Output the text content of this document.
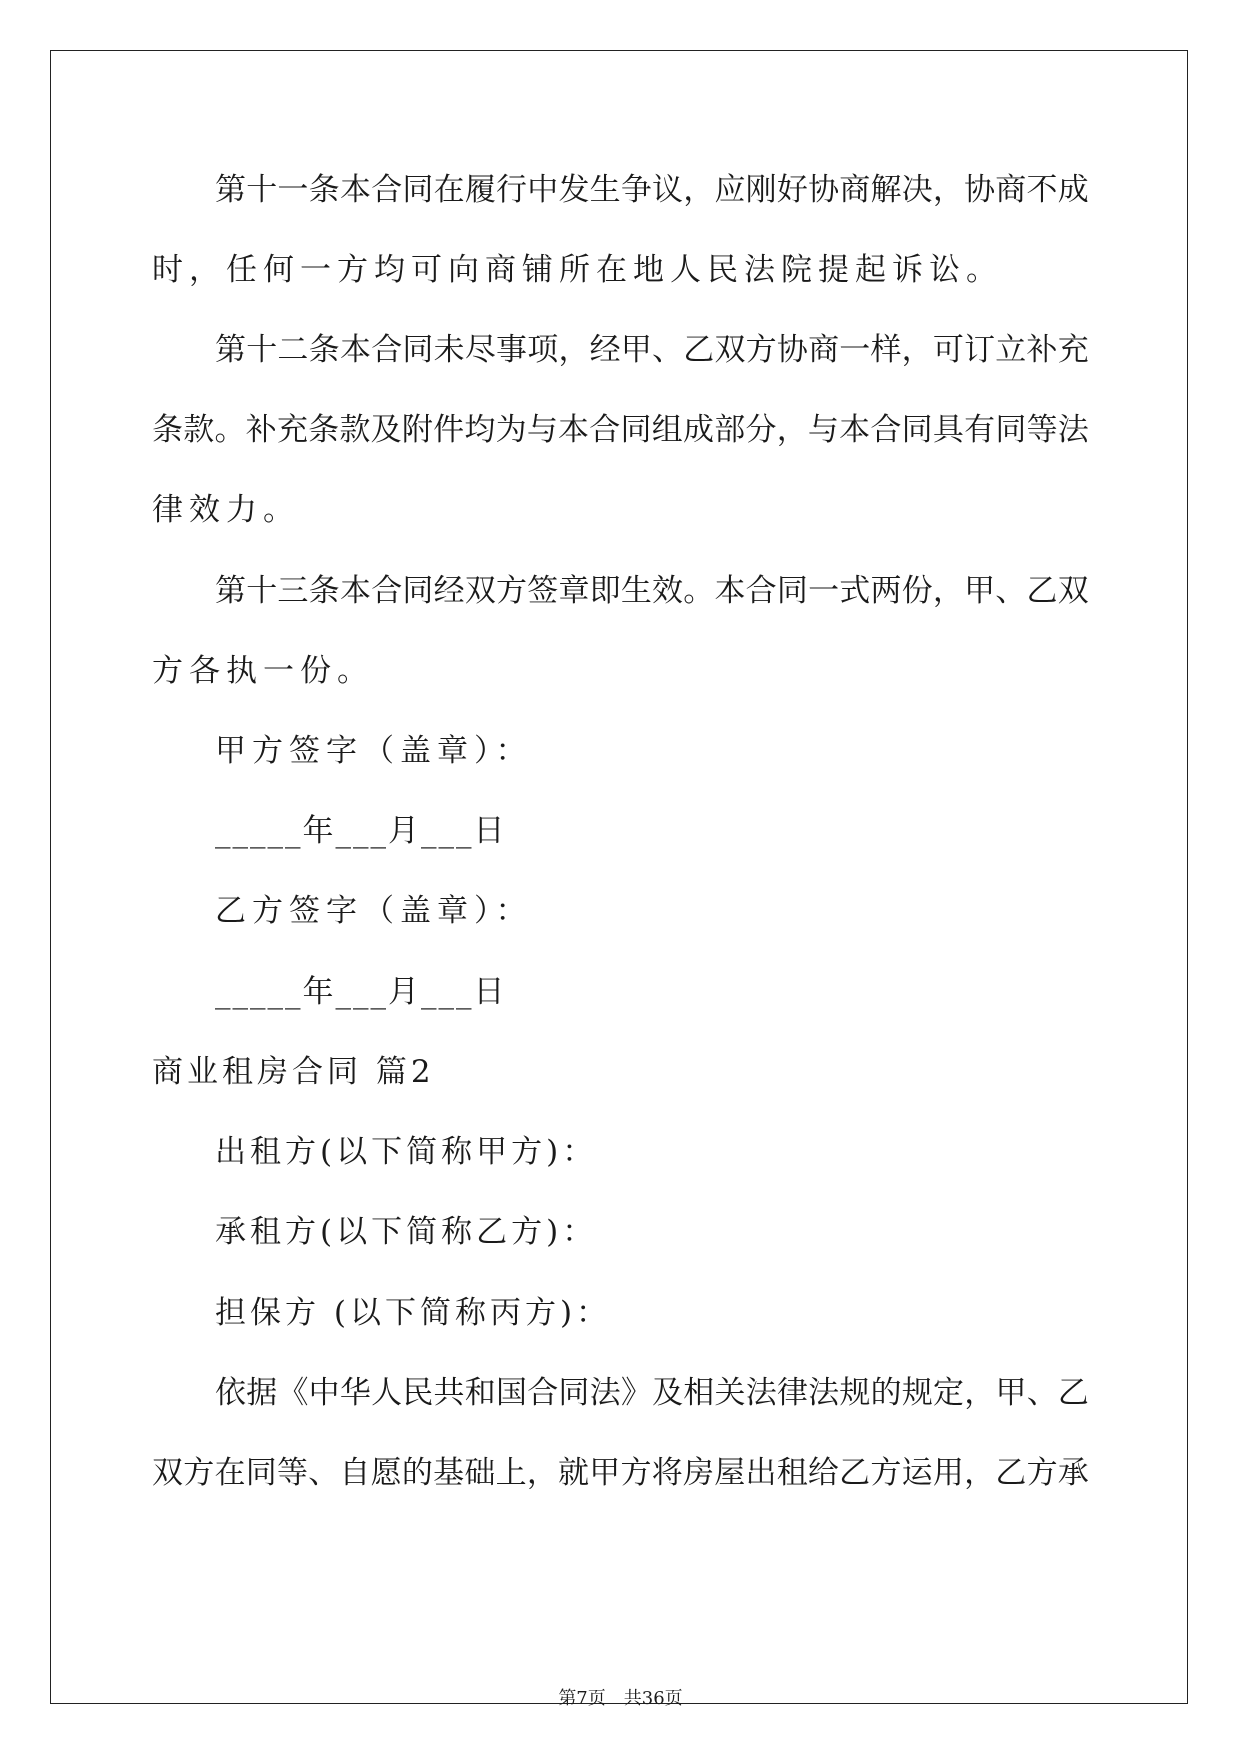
第 十 一 条 本 合 同 在 履 行 中 发 生 争 议 ， 应 刚 好 协 商 解 决 ， 协 商 不 成
时，任何一方均可向商铺所在地人民法院提起诉讼。
第 十 二 条 本 合 同 未 尽 事 项 ， 经 甲 、 乙 双 方 协 商 一 样 ， 可 订 立 补 充
条 款 。 补 充 条 款 及 附 件 均 为 与 本 合 同 组 成 部 分 ， 与 本 合 同 具 有 同 等 法
律效力。
第 十 三 条 本 合 同 经 双 方 签 章 即 生 效 。 本 合 同 一 式 两 份 ， 甲 、 乙 双
方各执一份。
甲方签字（盖章）：
_____年___月___日
乙方签字（盖章）：
_____年___月___日
商业租房合同 篇2
出租方(以下简称甲方)：
承租方(以下简称乙方)：
担保方 (以下简称丙方)：
依 据 《 中 华 人 民 共 和 国 合 同 法 》 及 相 关 法 律 法 规 的 规 定 ， 甲 、 乙
双 方 在 同 等 、 自 愿 的 基 础 上 ， 就 甲 方 将 房 屋 出 租 给 乙 方 运 用 ， 乙 方 承
第7页　共36页
